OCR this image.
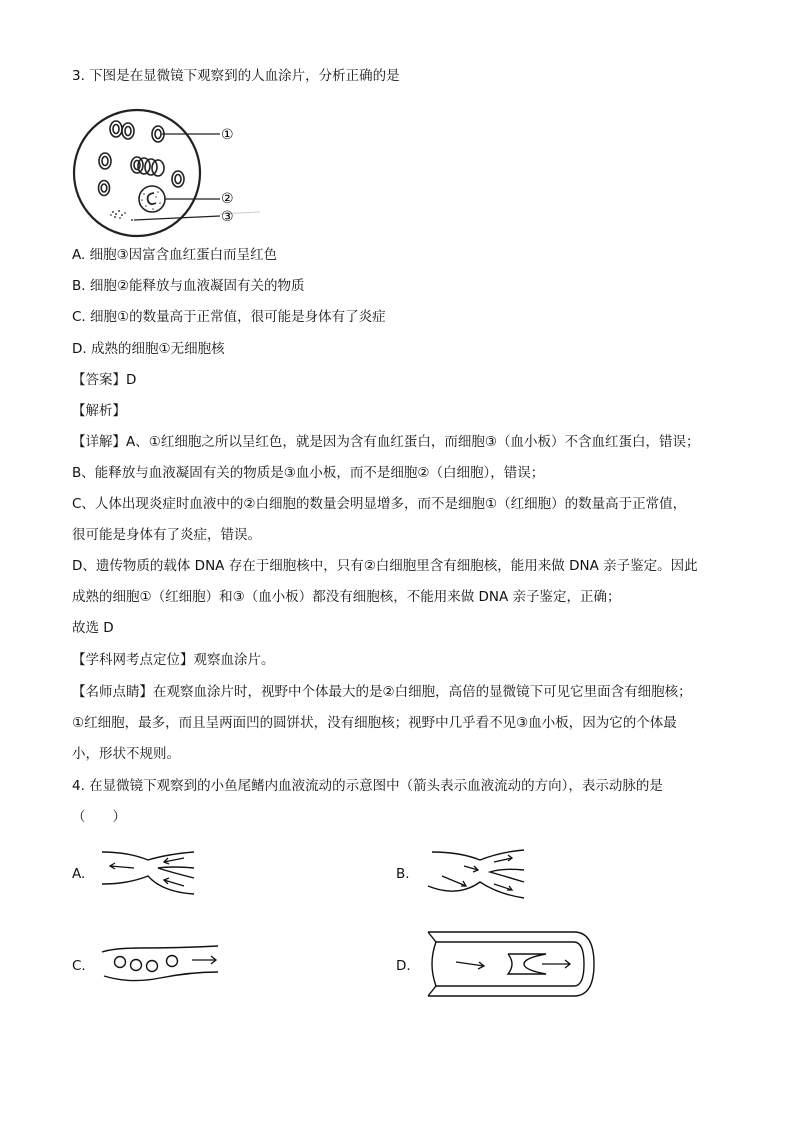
3. 下图是在显微镜下观察到的人血涂片，分析正确的是
①
②
③
A. 细胞③因富含血红蛋白而呈红色
B. 细胞②能释放与血液凝固有关的物质
C. 细胞①的数量高于正常值，很可能是身体有了炎症
D. 成熟的细胞①无细胞核
【答案】D
【解析】
【详解】A、①红细胞之所以呈红色，就是因为含有血红蛋白，而细胞③（血小板）不含血红蛋白，错误；
B、能释放与血液凝固有关的物质是③血小板，而不是细胞②（白细胞），错误；
C、人体出现炎症时血液中的②白细胞的数量会明显增多，而不是细胞①（红细胞）的数量高于正常值，
很可能是身体有了炎症，错误。
D、遗传物质的载体 DNA 存在于细胞核中，只有②白细胞里含有细胞核，能用来做 DNA 亲子鉴定。因此
成熟的细胞①（红细胞）和③（血小板）都没有细胞核，不能用来做 DNA 亲子鉴定，正确；
故选 D
【学科网考点定位】观察血涂片。
【名师点睛】在观察血涂片时，视野中个体最大的是②白细胞，高倍的显微镜下可见它里面含有细胞核；
①红细胞，最多，而且呈两面凹的圆饼状，没有细胞核；视野中几乎看不见③血小板，因为它的个体最
小，形状不规则。
4. 在显微镜下观察到的小鱼尾鳍内血液流动的示意图中（箭头表示血液流动的方向），表示动脉的是
（　　）
A.	B.
C.	D.
